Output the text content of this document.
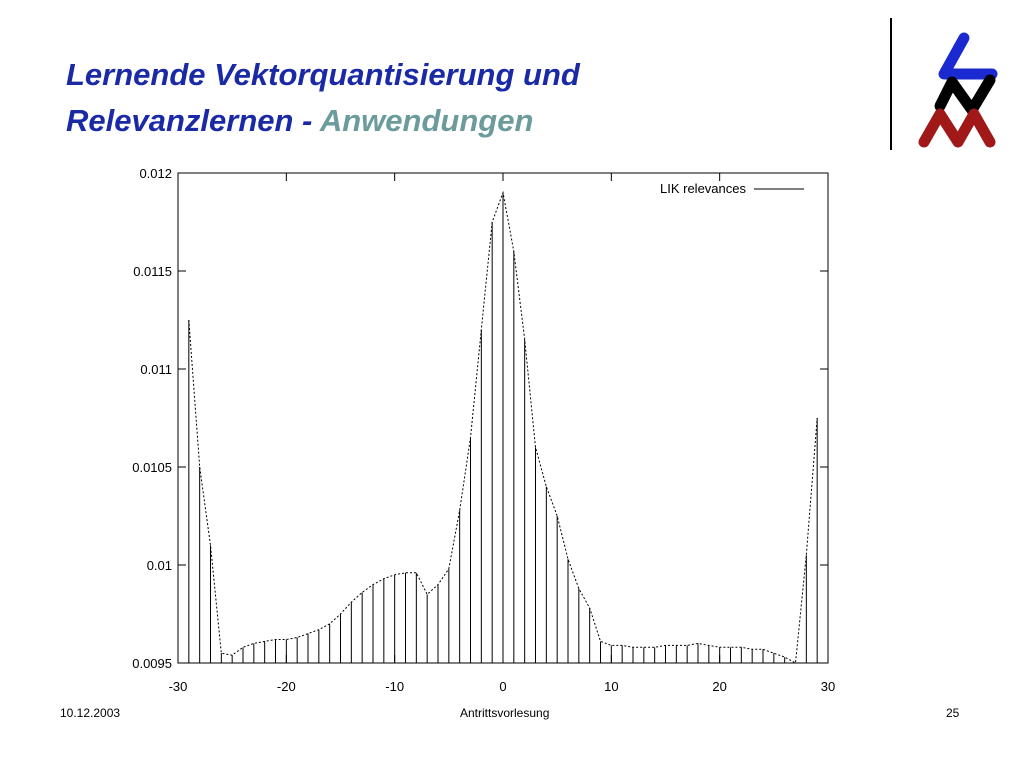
Lernende Vektorquantisierung und
Relevanzlernen - Anwendungen
0.012
0.0115
0.011
0.0105
0.01
0.0095
-30	-20	-10	0	10	20	30
LIK relevances
10.12.2003	Antrittsvorlesung	25
